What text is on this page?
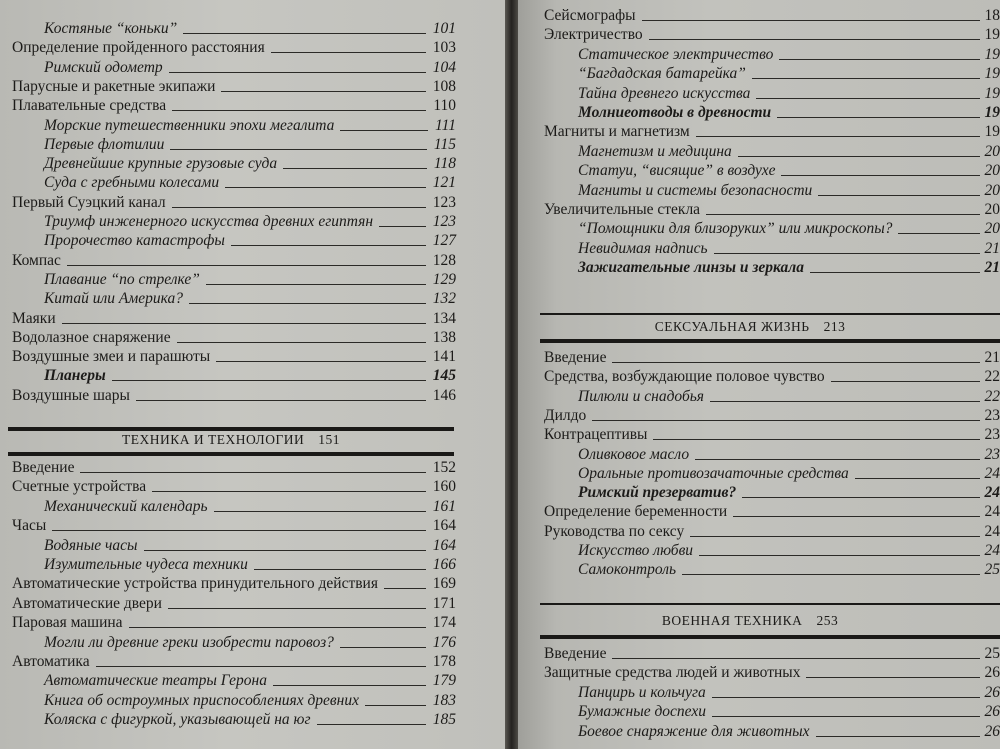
Костяные “коньки”	101
Определение пройденного расстояния	103
Римский одометр	104
Парусные и ракетные экипажи	108
Плавательные средства	110
Морские путешественники эпохи мегалита	111
Первые флотилии	115
Древнейшие крупные грузовые суда	118
Суда с гребными колесами	121
Первый Суэцкий канал	123
Триумф инженерного искусства древних египтян	123
Пророчество катастрофы	127
Компас	128
Плавание “по стрелке”	129
Китай или Америка?	132
Маяки	134
Водолазное снаряжение	138
Воздушные змеи и парашюты	141
Планеры	145
Воздушные шары	146
ТЕХНИКА И ТЕХНОЛОГИИ 151
Введение	152
Счетные устройства	160
Механический календарь	161
Часы	164
Водяные часы	164
Изумительные чудеса техники	166
Автоматические устройства принудительного действия	169
Автоматические двери	171
Паровая машина	174
Могли ли древние греки изобрести паровоз?	176
Автоматика	178
Автоматические театры Герона	179
Книга об остроумных приспособлениях древних	183
Коляска с фигуркой, указывающей на юг	185
Сейсмографы	18
Электричество	19
Статическое электричество	19
“Багдадская батарейка”	19
Тайна древнего искусства	19
Молниеотводы в древности	19
Магниты и магнетизм	19
Магнетизм и медицина	20
Статуи, “висящие” в воздухе	20
Магниты и системы безопасности	20
Увеличительные стекла	20
“Помощники для близоруких” или микроскопы?	20
Невидимая надпись	21
Зажигательные линзы и зеркала	21
СЕКСУАЛЬНАЯ ЖИЗНЬ 213
Введение	21
Средства, возбуждающие половое чувство	22
Пилюли и снадобья	22
Дилдо	23
Контрацептивы	23
Оливковое масло	23
Оральные противозачаточные средства	24
Римский презерватив?	24
Определение беременности	24
Руководства по сексу	24
Искусство любви	24
Самоконтроль	25
ВОЕННАЯ ТЕХНИКА 253
Введение	25
Защитные средства людей и животных	26
Панцирь и кольчуга	26
Бумажные доспехи	26
Боевое снаряжение для животных	26
